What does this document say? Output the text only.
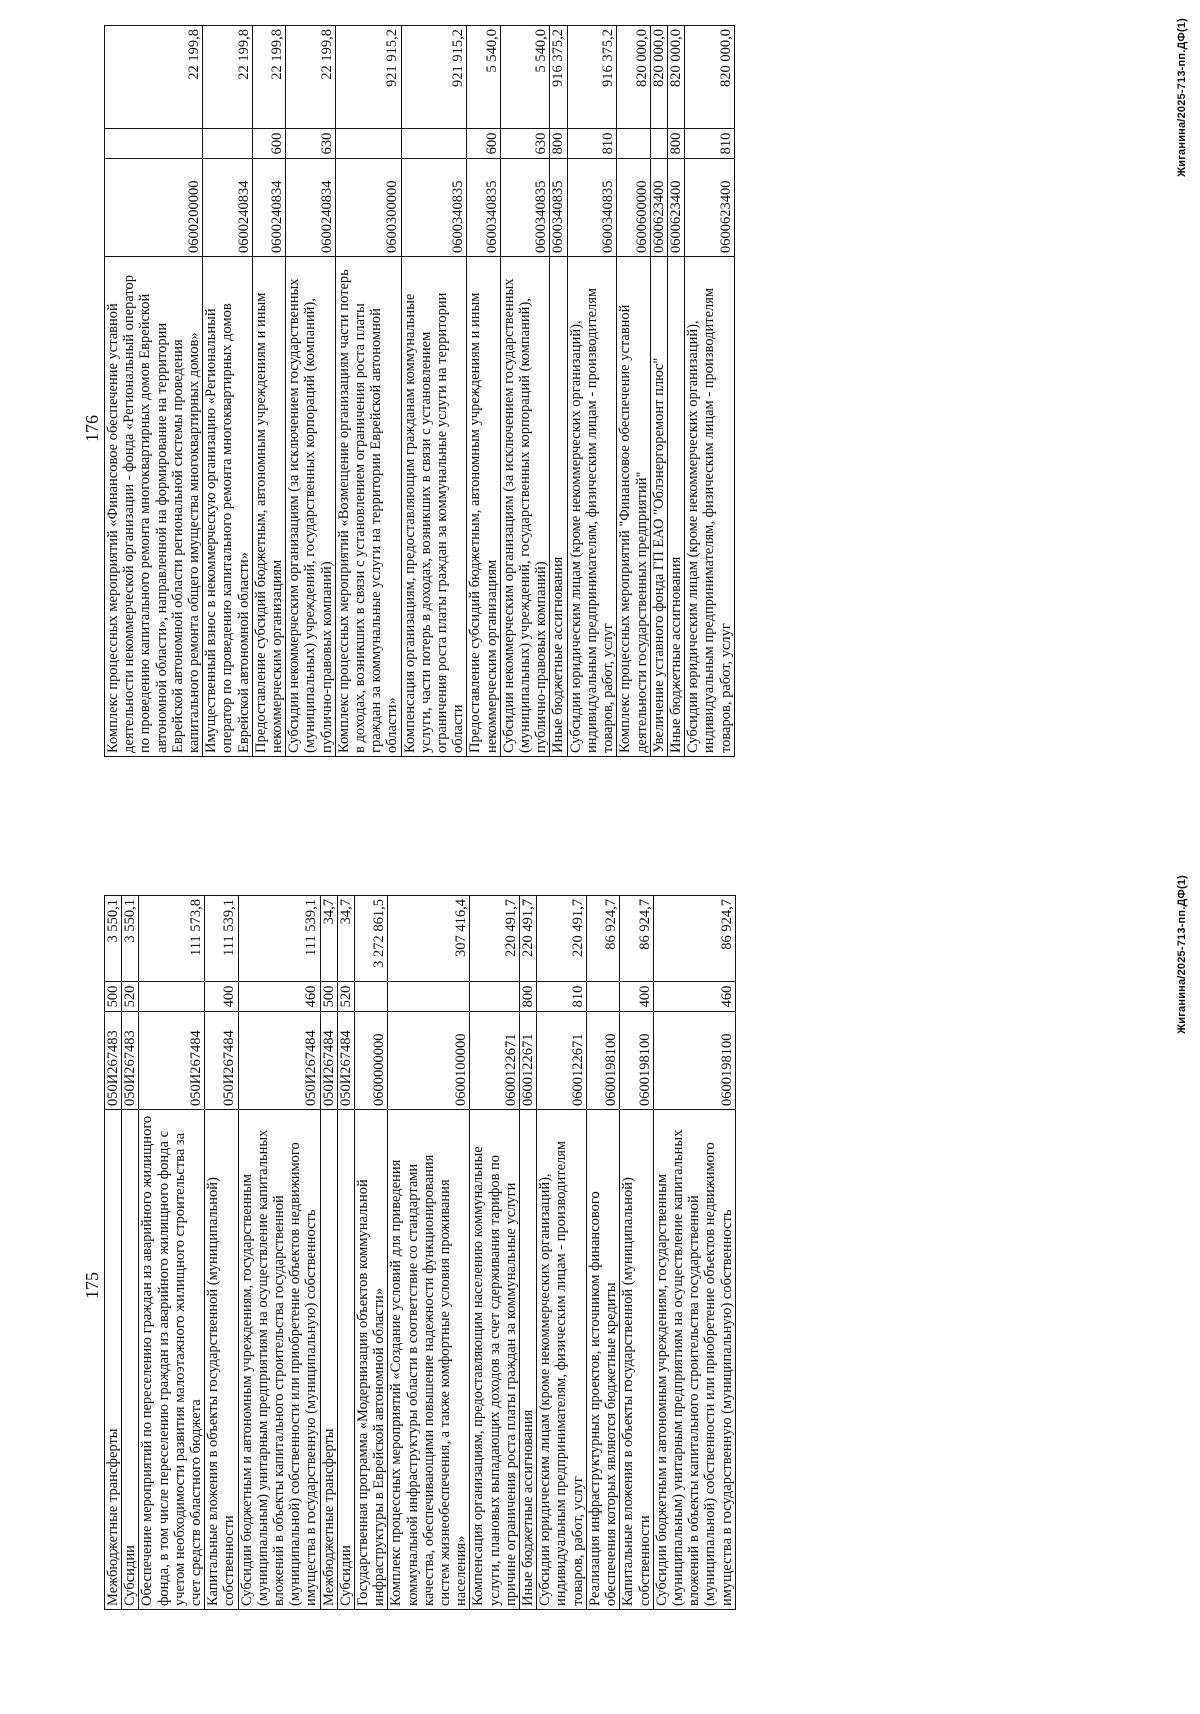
175
Межбюджетные трансферты	050И267483	500	3 550,1
Субсидии	050И267483	520	3 550,1
Обеспечение мероприятий по переселению граждан из аварийного жилищного фонда, в том числе переселению граждан из аварийного жилищного фонда с учетом необходимости развития малоэтажного жилищного строительства за счет средств областного бюджета	050И267484		111 573,8
Капитальные вложения в объекты государственной (муниципальной) собственности	050И267484	400	111 539,1
Субсидии бюджетным и автономным учреждениям, государственным (муниципальным) унитарным предприятиям на осуществление капитальных вложений в объекты капитального строительства государственной (муниципальной) собственности или приобретение объектов недвижимого имущества в государственную (муниципальную) собственность	050И267484	460	111 539,1
Межбюджетные трансферты	050И267484	500	34,7
Субсидии	050И267484	520	34,7
Государственная программа «Модернизация объектов коммунальной инфраструктуры в Еврейской автономной области»	0600000000		3 272 861,5
Комплекс процессных мероприятий «Создание условий для приведения коммунальной инфраструктуры области в соответствие со стандартами качества, обеспечивающими повышение надежности функционирования систем жизнеобеспечения, а также комфортные условия проживания населения»	0600100000		307 416,4
Компенсация организациям, предоставляющим населению коммунальные услуги, плановых выпадающих доходов за счет сдерживания тарифов по причине ограничения роста платы граждан за коммунальные услуги	0600122671		220 491,7
Иные бюджетные ассигнования	0600122671	800	220 491,7
Субсидии юридическим лицам (кроме некоммерческих организаций), индивидуальным предпринимателям, физическим лицам - производителям товаров, работ, услуг	0600122671	810	220 491,7
Реализация инфраструктурных проектов, источником финансового обеспечения которых являются бюджетные кредиты	0600198100		86 924,7
Капитальные вложения в объекты государственной (муниципальной) собственности	0600198100	400	86 924,7
Субсидии бюджетным и автономным учреждениям, государственным (муниципальным) унитарным предприятиям на осуществление капитальных вложений в объекты капитального строительства государственной (муниципальной) собственности или приобретение объектов недвижимого имущества в государственную (муниципальную) собственность	0600198100	460	86 924,7	Жиганина/2025-713-пп.ДФ(1)
176 Комплекс процессных мероприятий «Финансовое обеспечение уставной деятельности некоммерческой организации - фонда «Региональный оператор по проведению капитального ремонта многоквартирных домов Еврейской автономной области», направленной на формирование на территории Еврейской автономной области региональной системы проведения капитального ремонта общего имущества многоквартирных домов»	0600200000		22 199,8
Имущественный взнос в некоммерческую организацию «Региональный оператор по проведению капитального ремонта многоквартирных домов Еврейской автономной области»	0600240834		22 199,8
Предоставление субсидий бюджетным, автономным учреждениям и иным некоммерческим организациям	0600240834	600	22 199,8
Субсидии некоммерческим организациям (за исключением государственных (муниципальных) учреждений, государственных корпораций (компаний), публично-правовых компаний)	0600240834	630	22 199,8
Комплекс процессных мероприятий «Возмещение организациям части потерь в доходах, возникших в связи с установлением ограничения роста платы граждан за коммунальные услуги на территории Еврейской автономной области»	0600300000		921 915,2
Компенсация организациям, предоставляющим гражданам коммунальные услуги, части потерь в доходах, возникших в связи с установлением ограничения роста платы граждан за коммунальные услуги на территории области	0600340835		921 915,2
Предоставление субсидий бюджетным, автономным учреждениям и иным некоммерческим организациям	0600340835	600	5 540,0
Субсидии некоммерческим организациям (за исключением государственных (муниципальных) учреждений, государственных корпораций (компаний), публично-правовых компаний)	0600340835	630	5 540,0
Иные бюджетные ассигнования	0600340835	800	916 375,2
Субсидии юридическим лицам (кроме некоммерческих организаций), индивидуальным предпринимателям, физическим лицам - производителям товаров, работ, услуг	0600340835	810	916 375,2
Комплекс процессных мероприятий "Финансовое обеспечение уставной деятельности государственных предприятий"	0600600000		820 000,0
Увеличение уставного фонда ГП ЕАО "Облэнергоремонт плюс"	0600623400		820 000,0
Иные бюджетные ассигнования	0600623400	800	820 000,0
Субсидии юридическим лицам (кроме некоммерческих организаций), индивидуальным предпринимателям, физическим лицам - производителям товаров, работ, услуг	0600623400	810	820 000,0	Жиганина/2025-713-пп.ДФ(1)
